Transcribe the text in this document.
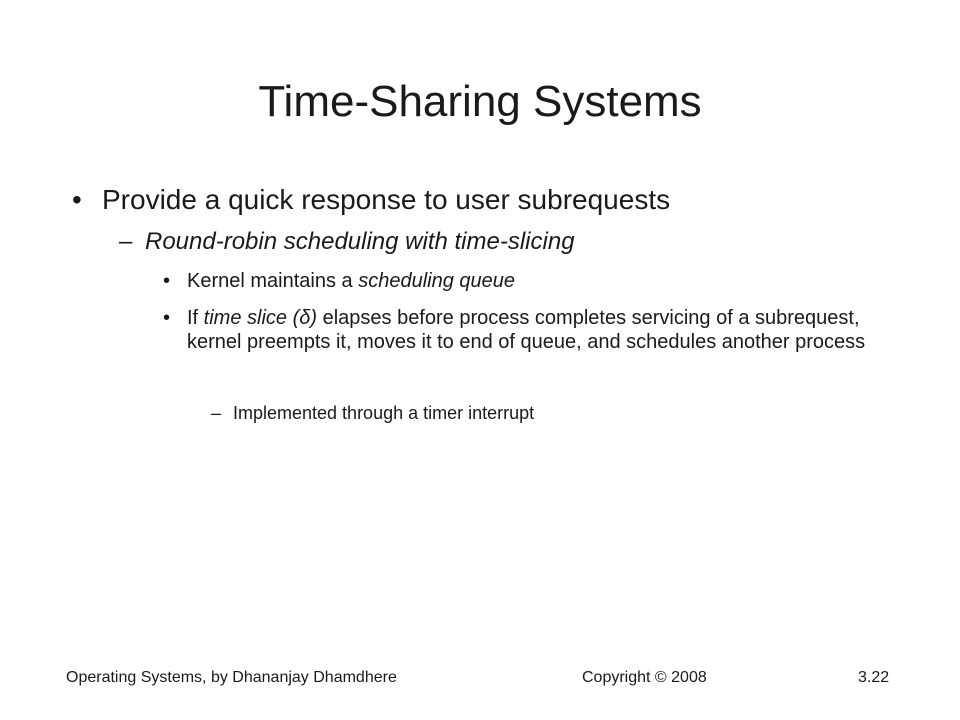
Time-Sharing Systems
• Provide a quick response to user subrequests
– Round-robin scheduling with time-slicing
• Kernel maintains a scheduling queue
• If time slice (δ) elapses before process completes servicing of a subrequest, kernel preempts it, moves it to end of queue, and schedules another process
– Implemented through a timer interrupt
Operating Systems, by Dhananjay Dhamdhere	Copyright © 2008	3.22
